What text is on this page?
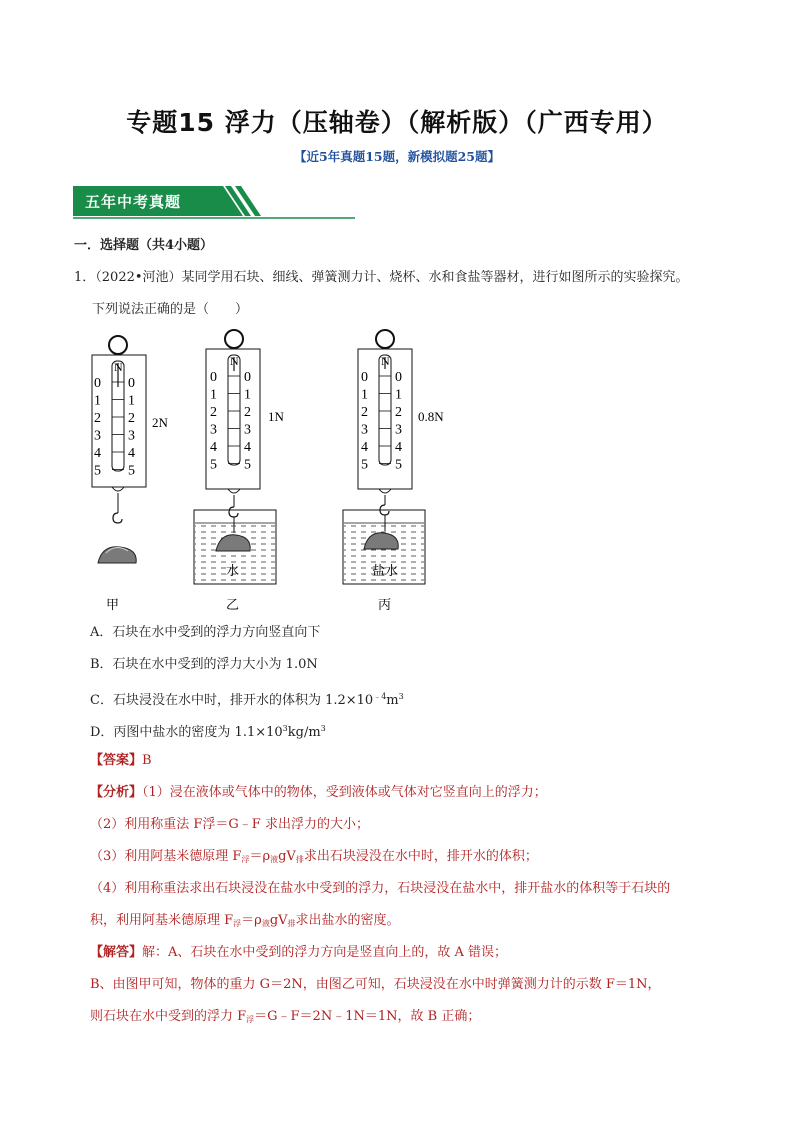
专题15 浮力（压轴卷）（解析版）（广西专用）
【近5年真题15题，新模拟题25题】
五年中考真题
一．选择题（共4小题）
1．（2022•河池）某同学用石块、细线、弹簧测力计、烧杯、水和食盐等器材，进行如图所示的实验探究。
下列说法正确的是（　　）
2N	1N
水
0.8N
盐水
N
0 0
1 1
2 2
3 3
4 4
5 5
N
0 0
1 1
2 2
3 3
4 4
5 5
N
0 0
1 1
2 2
3 3
4 4
5 5
甲	乙	丙
A．石块在水中受到的浮力方向竖直向下
B．石块在水中受到的浮力大小为 1.0N
C．石块浸没在水中时，排开水的体积为 $1.2\times 10^{﹣4}m^3$
D．丙图中盐水的密度为 $1.1\times 10^3kg/m^3$
【答案】B
【分析】（1）浸在液体或气体中的物体，受到液体或气体对它竖直向上的浮力；
（2）利用称重法 F浮＝G﹣F 求出浮力的大小；
（3）利用阿基米德原理 $F_浮=\rho_液gV_排$求出石块浸没在水中时，排开水的体积；
（4）利用称重法求出石块浸没在盐水中受到的浮力，石块浸没在盐水中，排开盐水的体积等于石块的
积，利用阿基米德原理 $F_浮=\rho_液gV_排$求出盐水的密度。
【解答】解：A、石块在水中受到的浮力方向是竖直向上的，故 A 错误；
B、由图甲可知，物体的重力 G＝2N，由图乙可知，石块浸没在水中时弹簧测力计的示数 F＝1N，
则石块在水中受到的浮力 $F_浮=G﹣F=2N﹣1N=1N$，故 B 正确；
